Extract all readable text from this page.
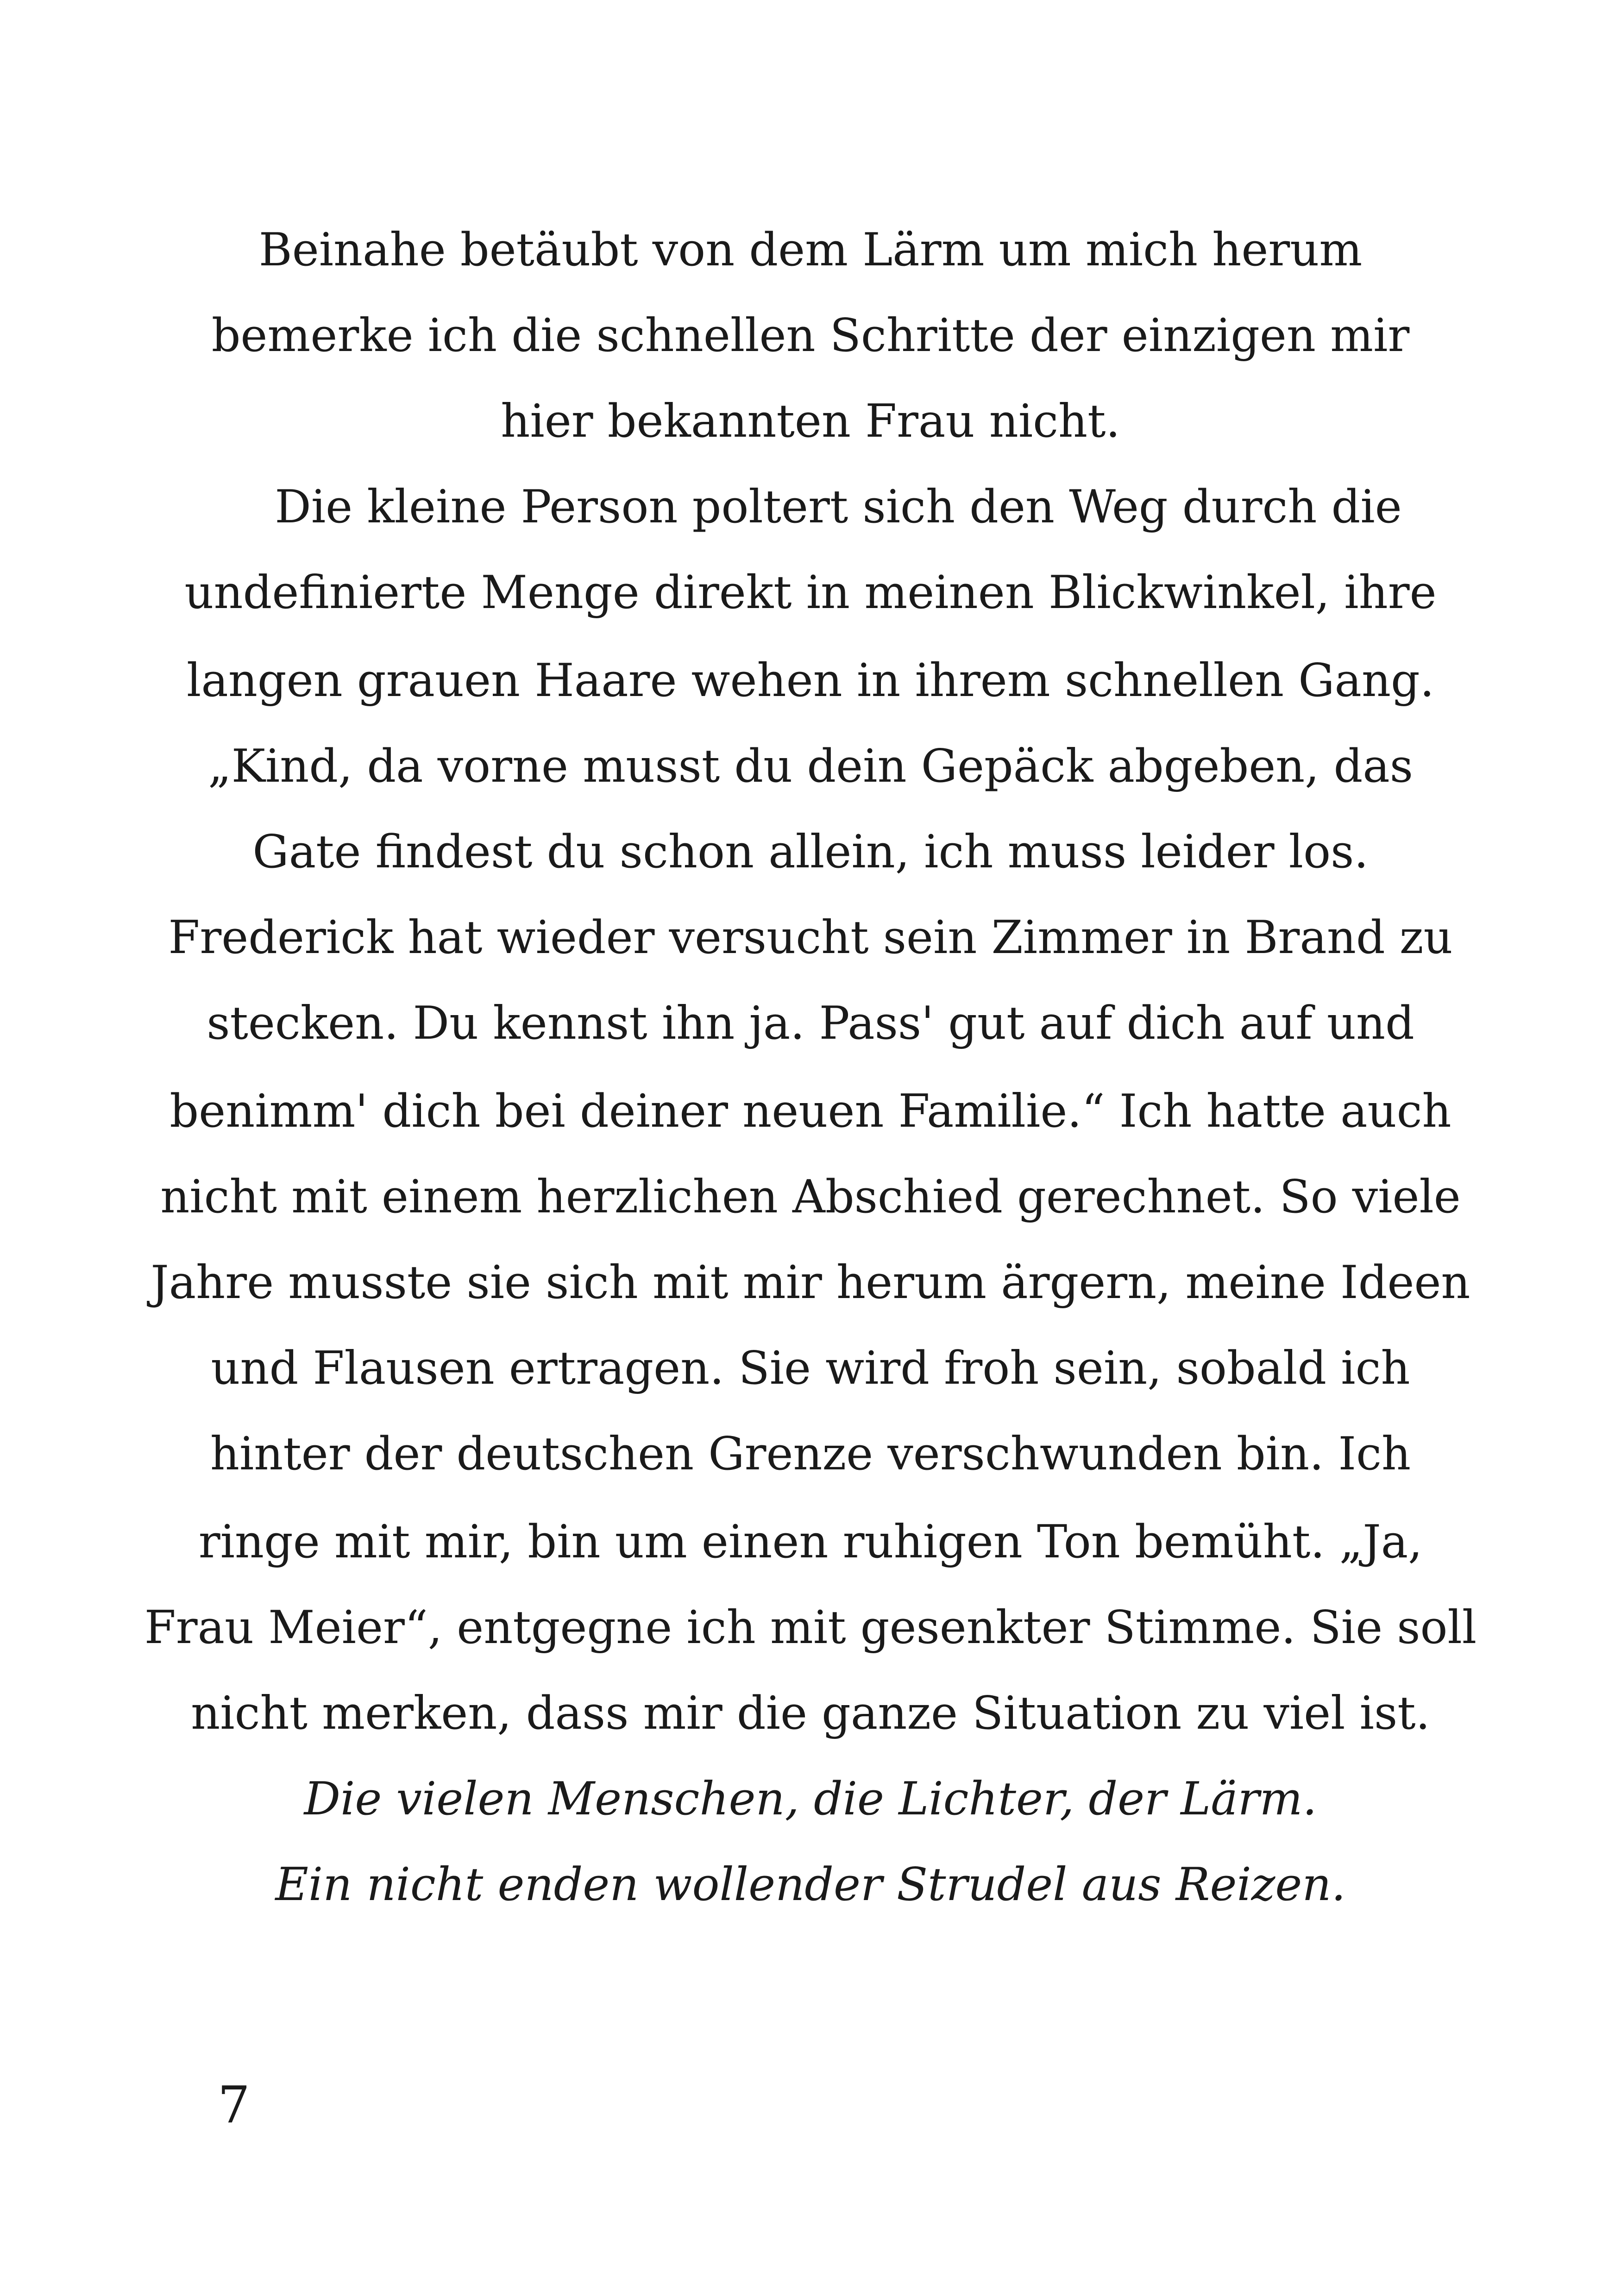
Beinahe betäubt von dem Lärm um mich herum

bemerke ich die schnellen Schritte der einzigen mir

hier bekannten Frau nicht.

Die kleine Person poltert sich den Weg durch die

undefinierte Menge direkt in meinen Blickwinkel, ihre

langen grauen Haare wehen in ihrem schnellen Gang.

„Kind, da vorne musst du dein Gepäck abgeben, das

Gate findest du schon allein, ich muss leider los.

Frederick hat wieder versucht sein Zimmer in Brand zu

stecken. Du kennst ihn ja. Pass' gut auf dich auf und

benimm' dich bei deiner neuen Familie.“ Ich hatte auch

nicht mit einem herzlichen Abschied gerechnet. So viele

Jahre musste sie sich mit mir herum ärgern, meine Ideen

und Flausen ertragen. Sie wird froh sein, sobald ich

hinter der deutschen Grenze verschwunden bin. Ich

ringe mit mir, bin um einen ruhigen Ton bemüht. „Ja,

Frau Meier“, entgegne ich mit gesenkter Stimme. Sie soll

nicht merken, dass mir die ganze Situation zu viel ist.

Die vielen Menschen, die Lichter, der Lärm.

Ein nicht enden wollender Strudel aus Reizen.

7
